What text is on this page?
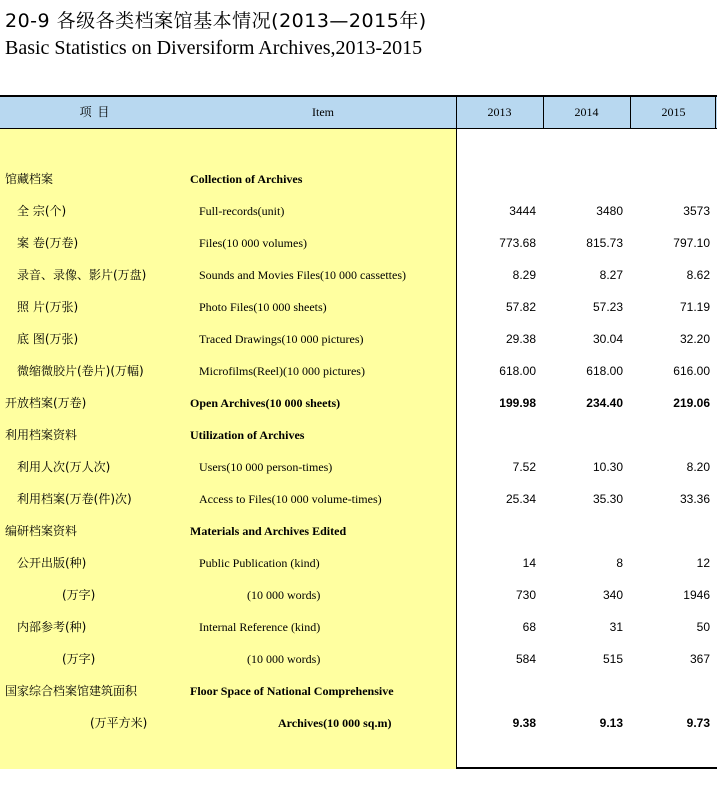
20-9 各级各类档案馆基本情况(2013—2015年)
Basic Statistics on Diversiform Archives,2013-2015
项 目	Item	2013	2014	2015
馆藏档案	Collection of Archives
全 宗(个)	Full-records(unit)	3444	3480	3573
案 卷(万卷)	Files(10 000 volumes)	773.68	815.73	797.10
录音、录像、影片(万盘)	Sounds and Movies Files(10 000 cassettes)	8.29	8.27	8.62
照 片(万张)	Photo Files(10 000 sheets)	57.82	57.23	71.19
底 图(万张)	Traced Drawings(10 000 pictures)	29.38	30.04	32.20
微缩微胶片(卷片)(万幅)	Microfilms(Reel)(10 000 pictures)	618.00	618.00	616.00
开放档案(万卷)	Open Archives(10 000 sheets)	199.98	234.40	219.06
利用档案资料	Utilization of Archives
利用人次(万人次)	Users(10 000 person-times)	7.52	10.30	8.20
利用档案(万卷(件)次)	Access to Files(10 000 volume-times)	25.34	35.30	33.36
编研档案资料	Materials and Archives Edited
公开出版(种)	Public Publication (kind)	14	8	12
(万字)	(10 000 words)	730	340	1946
内部参考(种)	Internal Reference (kind)	68	31	50
(万字)	(10 000 words)	584	515	367
国家综合档案馆建筑面积	Floor Space of National Comprehensive
(万平方米)	Archives(10 000 sq.m)	9.38	9.13	9.73
